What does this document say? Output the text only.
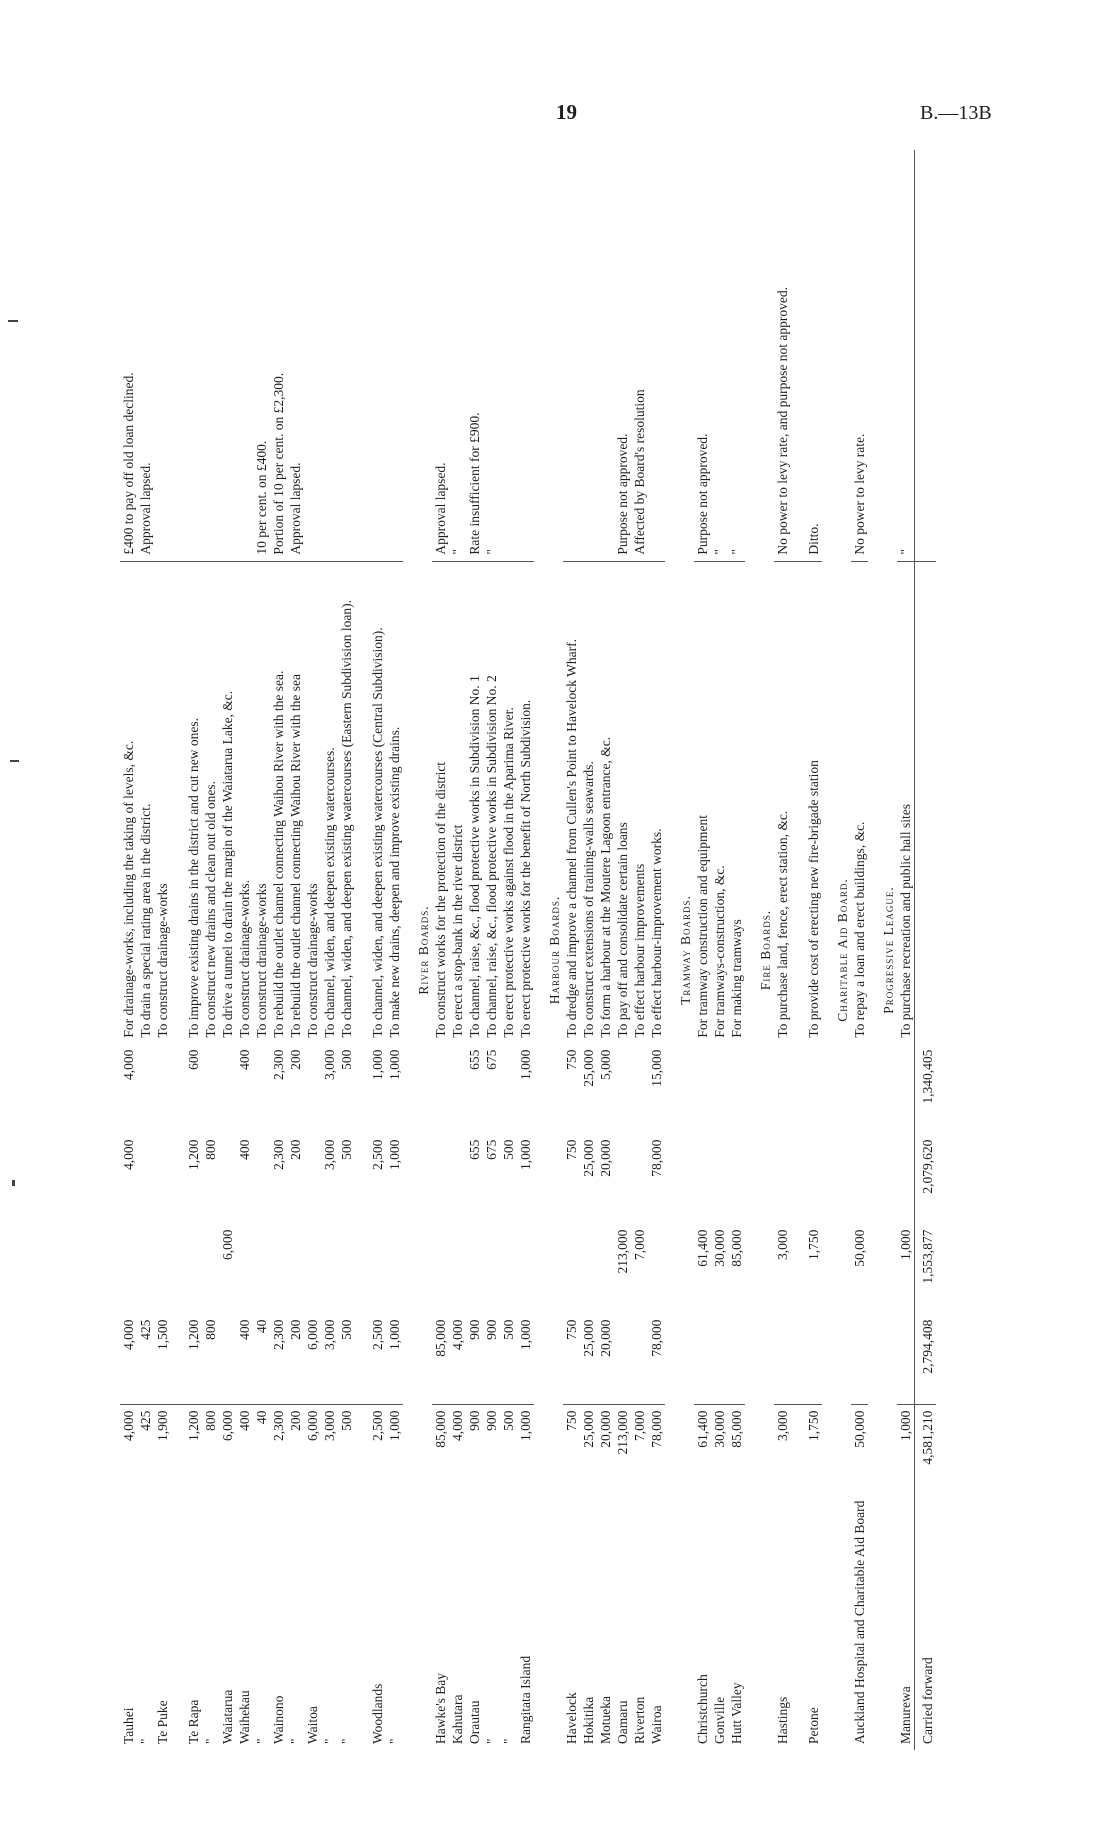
19	B.—13B
Tauhei	4,000	4,000		4,000	4,000	For drainage-works, including the taking of levels, &c.	£400 to pay off old loan declined.
"	425	425				To drain a special rating area in the district.	Approval lapsed.
Te Puke	1,900	1,500				To construct drainage-works	
Te Rapa	1,200	1,200		1,200	600	To improve existing drains in the district and cut new ones.	
"	800	800		800		To construct new drains and clean out old ones.	
Waiatarua	6,000		6,000			To drive a tunnel to drain the margin of the Waiatarua Lake, &c.	
Waihekau	400	400		400	400	To construct drainage-works.	
"	40	40				To construct drainage-works	10 per cent. on £400.
Wainono	2,300	2,300		2,300	2,300	To rebuild the outlet channel connecting Waihou River with the sea.	Portion of 10 per cent. on £2,300.
"	200	200		200	200	To rebuild the outlet channel connecting Waihou River with the sea	Approval lapsed.
Waitoa	6,000	6,000				To construct drainage-works	
"	3,000	3,000		3,000	3,000	To channel, widen, and deepen existing watercourses.	
"	500	500		500	500	To channel, widen, and deepen existing watercourses (Eastern Subdivision loan).	
Woodlands	2,500	2,500		2,500	1,000	To channel, widen, and deepen existing watercourses (Central Subdivision).	
"	1,000	1,000		1,000	1,000	To make new drains, deepen and improve existing drains.	
River Boards.							
Hawke's Bay	85,000	85,000				To construct works for the protection of the district	Approval lapsed.
Kahutara	4,000	4,000				To erect a stop-bank in the river district	"
Orautau	900	900		655	655	To channel, raise, &c., flood protective works in Subdivision No. 1	Rate insufficient for £900.
"	900	900		675	675	To channel, raise, &c., flood protective works in Subdivision No. 2	"
"	500	500		500		To erect protective works against flood in the Aparima River.	
Rangitata Island	1,000	1,000		1,000	1,000	To erect protective works for the benefit of North Subdivision.	
Harbour Boards.							
Havelock	750	750		750	750	To dredge and improve a channel from Cullen's Point to Havelock Wharf.	
Hokitika	25,000	25,000		25,000	25,000	To construct extensions of training-walls seawards.	
Motueka	20,000	20,000		20,000	5,000	To form a harbour at the Moutere Lagoon entrance, &c.	
Oamaru	213,000		213,000			To pay off and consolidate certain loans	Purpose not approved.
Riverton	7,000		7,000			To effect harbour improvements	Affected by Board's resolution
Wairoa	78,000	78,000		78,000	15,000	To effect harbour-improvement works.	
Tramway Boards.							
Christchurch	61,400		61,400			For tramway construction and equipment	Purpose not approved.
Gonville	30,000		30,000			For tramways-construction, &c.	"
Hutt Valley	85,000		85,000			For making tramways	"
Fire Boards.							
Hastings	3,000		3,000			To purchase land, fence, erect station, &c.	No power to levy rate, and purpose not approved.
Petone	1,750		1,750			To provide cost of erecting new fire-brigade station	Ditto.
Charitable Aid Board.							
Auckland Hospital and Charitable Aid Board	50,000		50,000			To repay a loan and erect buildings, &c.	No power to levy rate.
Progressive League.							
Manurewa	1,000		1,000			To purchase recreation and public hall sites	"
Carried forward	4,581,210	2,794,408	1,553,877	2,079,620	1,340,405		
